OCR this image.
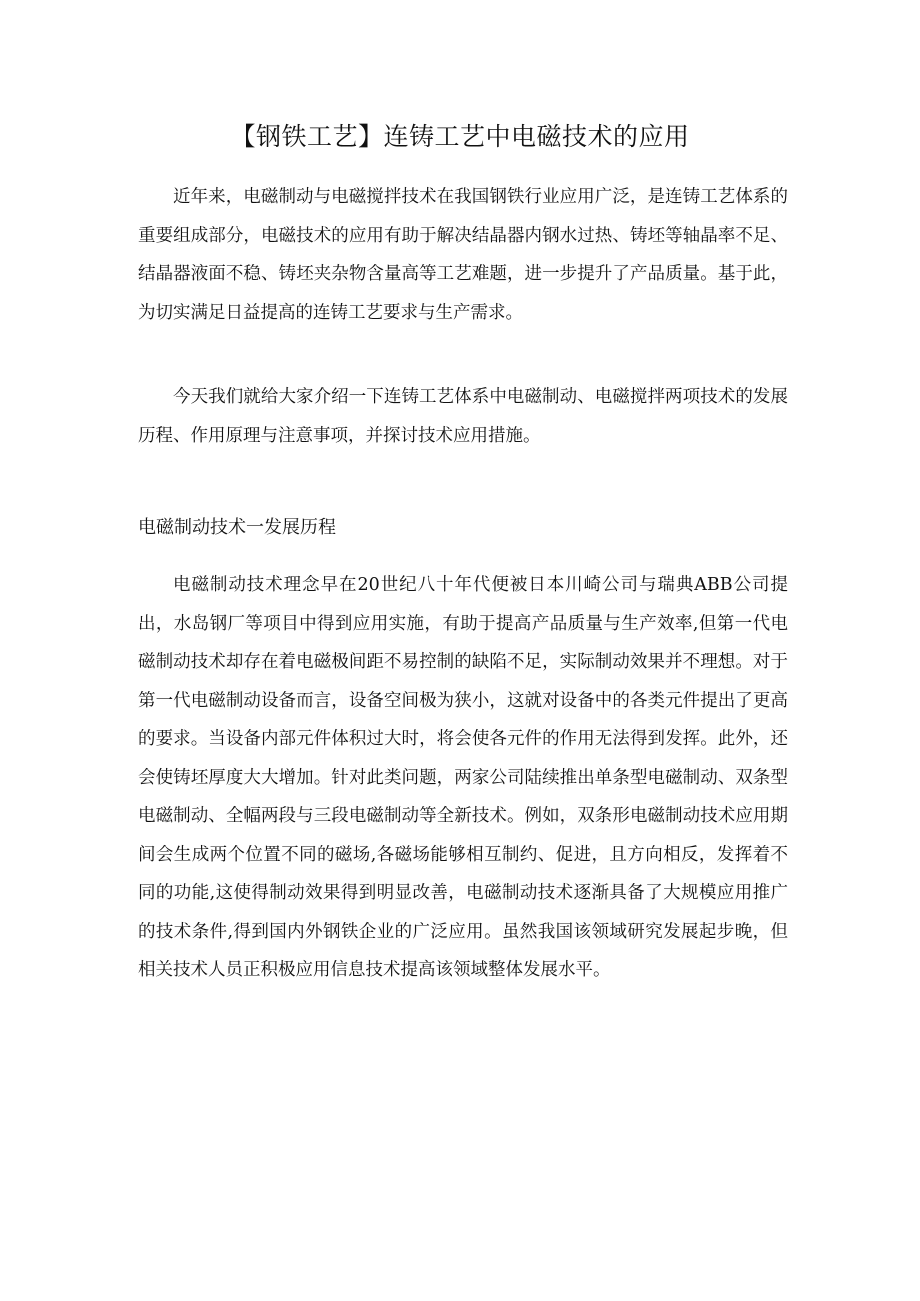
【钢铁工艺】连铸工艺中电磁技术的应用

近年来，电磁制动与电磁搅拌技术在我国钢铁行业应用广泛，是连铸工艺体系的重要组成部分，电磁技术的应用有助于解决结晶器内钢水过热、铸坯等轴晶率不足、结晶器液面不稳、铸坯夹杂物含量高等工艺难题，进一步提升了产品质量。基于此，为切实满足日益提高的连铸工艺要求与生产需求。

今天我们就给大家介绍一下连铸工艺体系中电磁制动、电磁搅拌两项技术的发展历程、作用原理与注意事项，并探讨技术应用措施。

电磁制动技术一发展历程

电磁制动技术理念早在20世纪八十年代便被日本川崎公司与瑞典ABB公司提出，水岛钢厂等项目中得到应用实施，有助于提高产品质量与生产效率,但第一代电磁制动技术却存在着电磁极间距不易控制的缺陷不足，实际制动效果并不理想。对于第一代电磁制动设备而言，设备空间极为狭小，这就对设备中的各类元件提出了更高的要求。当设备内部元件体积过大时，将会使各元件的作用无法得到发挥。此外，还会使铸坯厚度大大增加。针对此类问题，两家公司陆续推出单条型电磁制动、双条型电磁制动、全幅两段与三段电磁制动等全新技术。例如，双条形电磁制动技术应用期间会生成两个位置不同的磁场,各磁场能够相互制约、促进，且方向相反，发挥着不同的功能,这使得制动效果得到明显改善，电磁制动技术逐渐具备了大规模应用推广的技术条件,得到国内外钢铁企业的广泛应用。虽然我国该领域研究发展起步晚，但相关技术人员正积极应用信息技术提高该领域整体发展水平。
